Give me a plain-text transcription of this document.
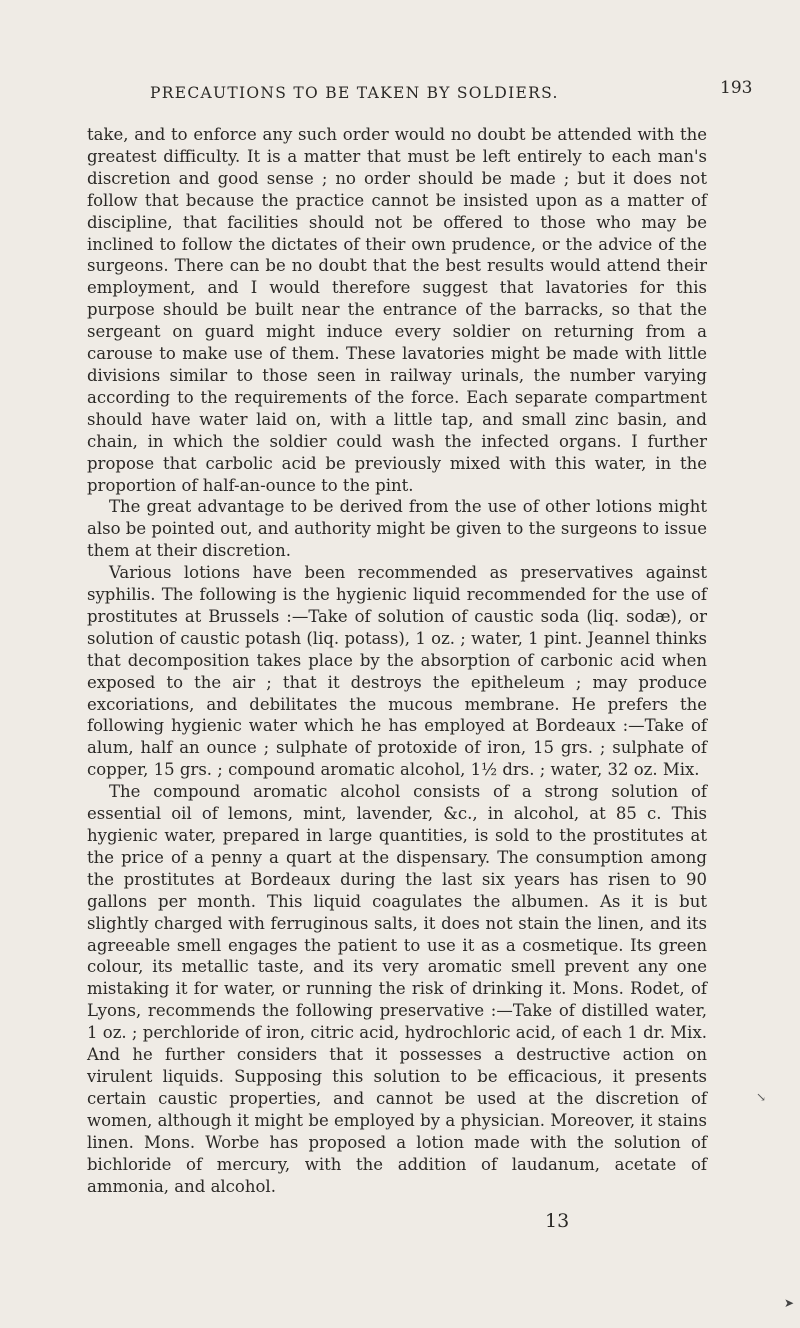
PRECAUTIONS TO BE TAKEN BY SOLDIERS.	193

take, and to enforce any such order would no doubt be attended with the greatest difficulty. It is a matter that must be left entirely to each man's discretion and good sense ; no order should be made ; but it does not follow that because the practice cannot be insisted upon as a matter of discipline, that facilities should not be offered to those who may be inclined to follow the dictates of their own prudence, or the advice of the surgeons. There can be no doubt that the best results would attend their employment, and I would therefore suggest that lavatories for this purpose should be built near the entrance of the barracks, so that the sergeant on guard might induce every soldier on returning from a carouse to make use of them. These lavatories might be made with little divisions similar to those seen in railway urinals, the number varying according to the requirements of the force. Each separate compartment should have water laid on, with a little tap, and small zinc basin, and chain, in which the soldier could wash the infected organs. I further propose that carbolic acid be previously mixed with this water, in the proportion of half-an-ounce to the pint.

The great advantage to be derived from the use of other lotions might also be pointed out, and authority might be given to the surgeons to issue them at their discretion.

Various lotions have been recommended as preservatives against syphilis. The following is the hygienic liquid recommended for the use of prostitutes at Brussels :—Take of solution of caustic soda (liq. sodæ), or solution of caustic potash (liq. potass), 1 oz. ; water, 1 pint. Jeannel thinks that decomposition takes place by the absorption of carbonic acid when exposed to the air ; that it destroys the epitheleum ; may produce excoriations, and debilitates the mucous membrane. He prefers the following hygienic water which he has employed at Bordeaux :—Take of alum, half an ounce ; sulphate of protoxide of iron, 15 grs. ; sulphate of copper, 15 grs. ; compound aromatic alcohol, 1½ drs. ; water, 32 oz. Mix.

The compound aromatic alcohol consists of a strong solution of essential oil of lemons, mint, lavender, &c., in alcohol, at 85 c. This hygienic water, prepared in large quantities, is sold to the prostitutes at the price of a penny a quart at the dispensary. The consumption among the prostitutes at Bordeaux during the last six years has risen to 90 gallons per month. This liquid coagulates the albumen. As it is but slightly charged with ferruginous salts, it does not stain the linen, and its agreeable smell engages the patient to use it as a cosmetique. Its green colour, its metallic taste, and its very aromatic smell prevent any one mistaking it for water, or running the risk of drinking it. Mons. Rodet, of Lyons, recommends the following preservative :—Take of distilled water, 1 oz. ; perchloride of iron, citric acid, hydrochloric acid, of each 1 dr. Mix. And he further considers that it possesses a destructive action on virulent liquids. Supposing this solution to be efficacious, it presents certain caustic properties, and cannot be used at the discretion of women, although it might be employed by a physician. Moreover, it stains linen. Mons. Worbe has proposed a lotion made with the solution of bichloride of mercury, with the addition of laudanum, acetate of ammonia, and alcohol.

13
↘
➤
